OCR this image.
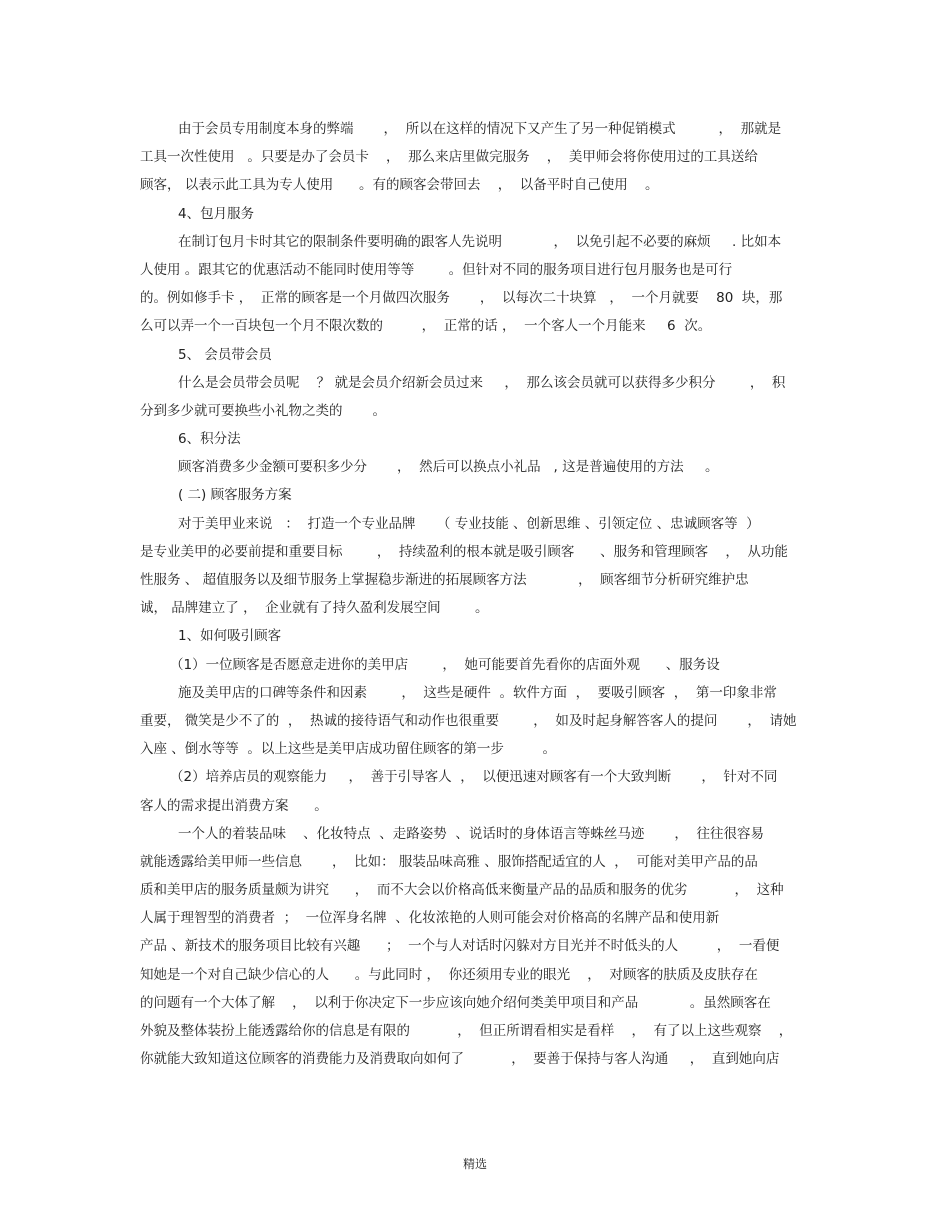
由于会员专用制度本身的弊端       ，  所以在这样的情况下又产生了另一种促销模式          ，  那就是
工具一次性使用   。只要是办了会员卡    ，  那么来店里做完服务    ，  美甲师会将你使用过的工具送给
顾客， 以表示此工具为专人使用      。有的顾客会带回去    ，  以备平时自己使用    。
4、包月服务
在制订包月卡时其它的限制条件要明确的跟客人先说明            ，  以免引起不必要的麻烦     . 比如本
人使用 。跟其它的优惠活动不能同时使用等等        。但针对不同的服务项目进行包月服务也是可行
的。例如修手卡 ，  正常的顾客是一个月做四次服务       ，  以每次二十块算   ，  一个月就要    80  块，那
么可以弄一个一百块包一个月不限次数的         ，  正常的话 ，  一个客人一个月能来     6  次。
5、 会员带会员
什么是会员带会员呢    ？ 就是会员介绍新会员过来     ，  那么该会员就可以获得多少积分        ，  积
分到多少就可要换些小礼物之类的       。
6、积分法
顾客消费多少金额可要积多少分       ，  然后可以换点小礼品   , 这是普遍使用的方法     。
( 二) 顾客服务方案
对于美甲业来说   ：  打造一个专业品牌     （ 专业技能 、创新思维 、引领定位 、忠诚顾客等  ）
是专业美甲的必要前提和重要目标        ，  持续盈利的根本就是吸引顾客      、服务和管理顾客    ，  从功能
性服务 、 超值服务以及细节服务上掌握稳步渐进的拓展顾客方法            ，  顾客细节分析研究维护忠
诚， 品牌建立了 ，  企业就有了持久盈利发展空间        。
1、如何吸引顾客
（1）一位顾客是否愿意走进你的美甲店        ，  她可能要首先看你的店面外观      、服务设
施及美甲店的口碑等条件和因素        ，  这些是硬件  。软件方面  ，  要吸引顾客  ，  第一印象非常
重要， 微笑是少不了的  ，  热诚的接待语气和动作也很重要        ，  如及时起身解答客人的提问       ，  请她
入座 、倒水等等  。以上这些是美甲店成功留住顾客的第一步         。
（2）培养店员的观察能力     ，  善于引导客人  ，  以便迅速对顾客有一个大致判断       ，  针对不同
客人的需求提出消费方案      。
一个人的着装品味    、化妆特点  、走路姿势  、说话时的身体语言等蛛丝马迹       ，  往往很容易
就能透露给美甲师一些信息       ，  比如： 服装品味高雅 、服饰搭配适宜的人  ，  可能对美甲产品的品
质和美甲店的服务质量颇为讲究      ，  而不大会以价格高低来衡量产品的品质和服务的优劣           ，  这种
人属于理智型的消费者  ；  一位浑身名牌  、化妆浓艳的人则可能会对价格高的名牌产品和使用新
产品 、新技术的服务项目比较有兴趣      ；  一个与人对话时闪躲对方目光并不时低头的人         ，  一看便
知她是一个对自己缺少信心的人      。与此同时 ，  你还须用专业的眼光    ，  对顾客的肤质及皮肤存在
的问题有一个大体了解    ，  以利于你决定下一步应该向她介绍何类美甲项目和产品            。虽然顾客在
外貌及整体装扮上能透露给你的信息是有限的           ，  但正所谓看相实是看样    ，  有了以上这些观察    ，
你就能大致知道这位顾客的消费能力及消费取向如何了           ，  要善于保持与客人沟通     ，  直到她向店
精选
